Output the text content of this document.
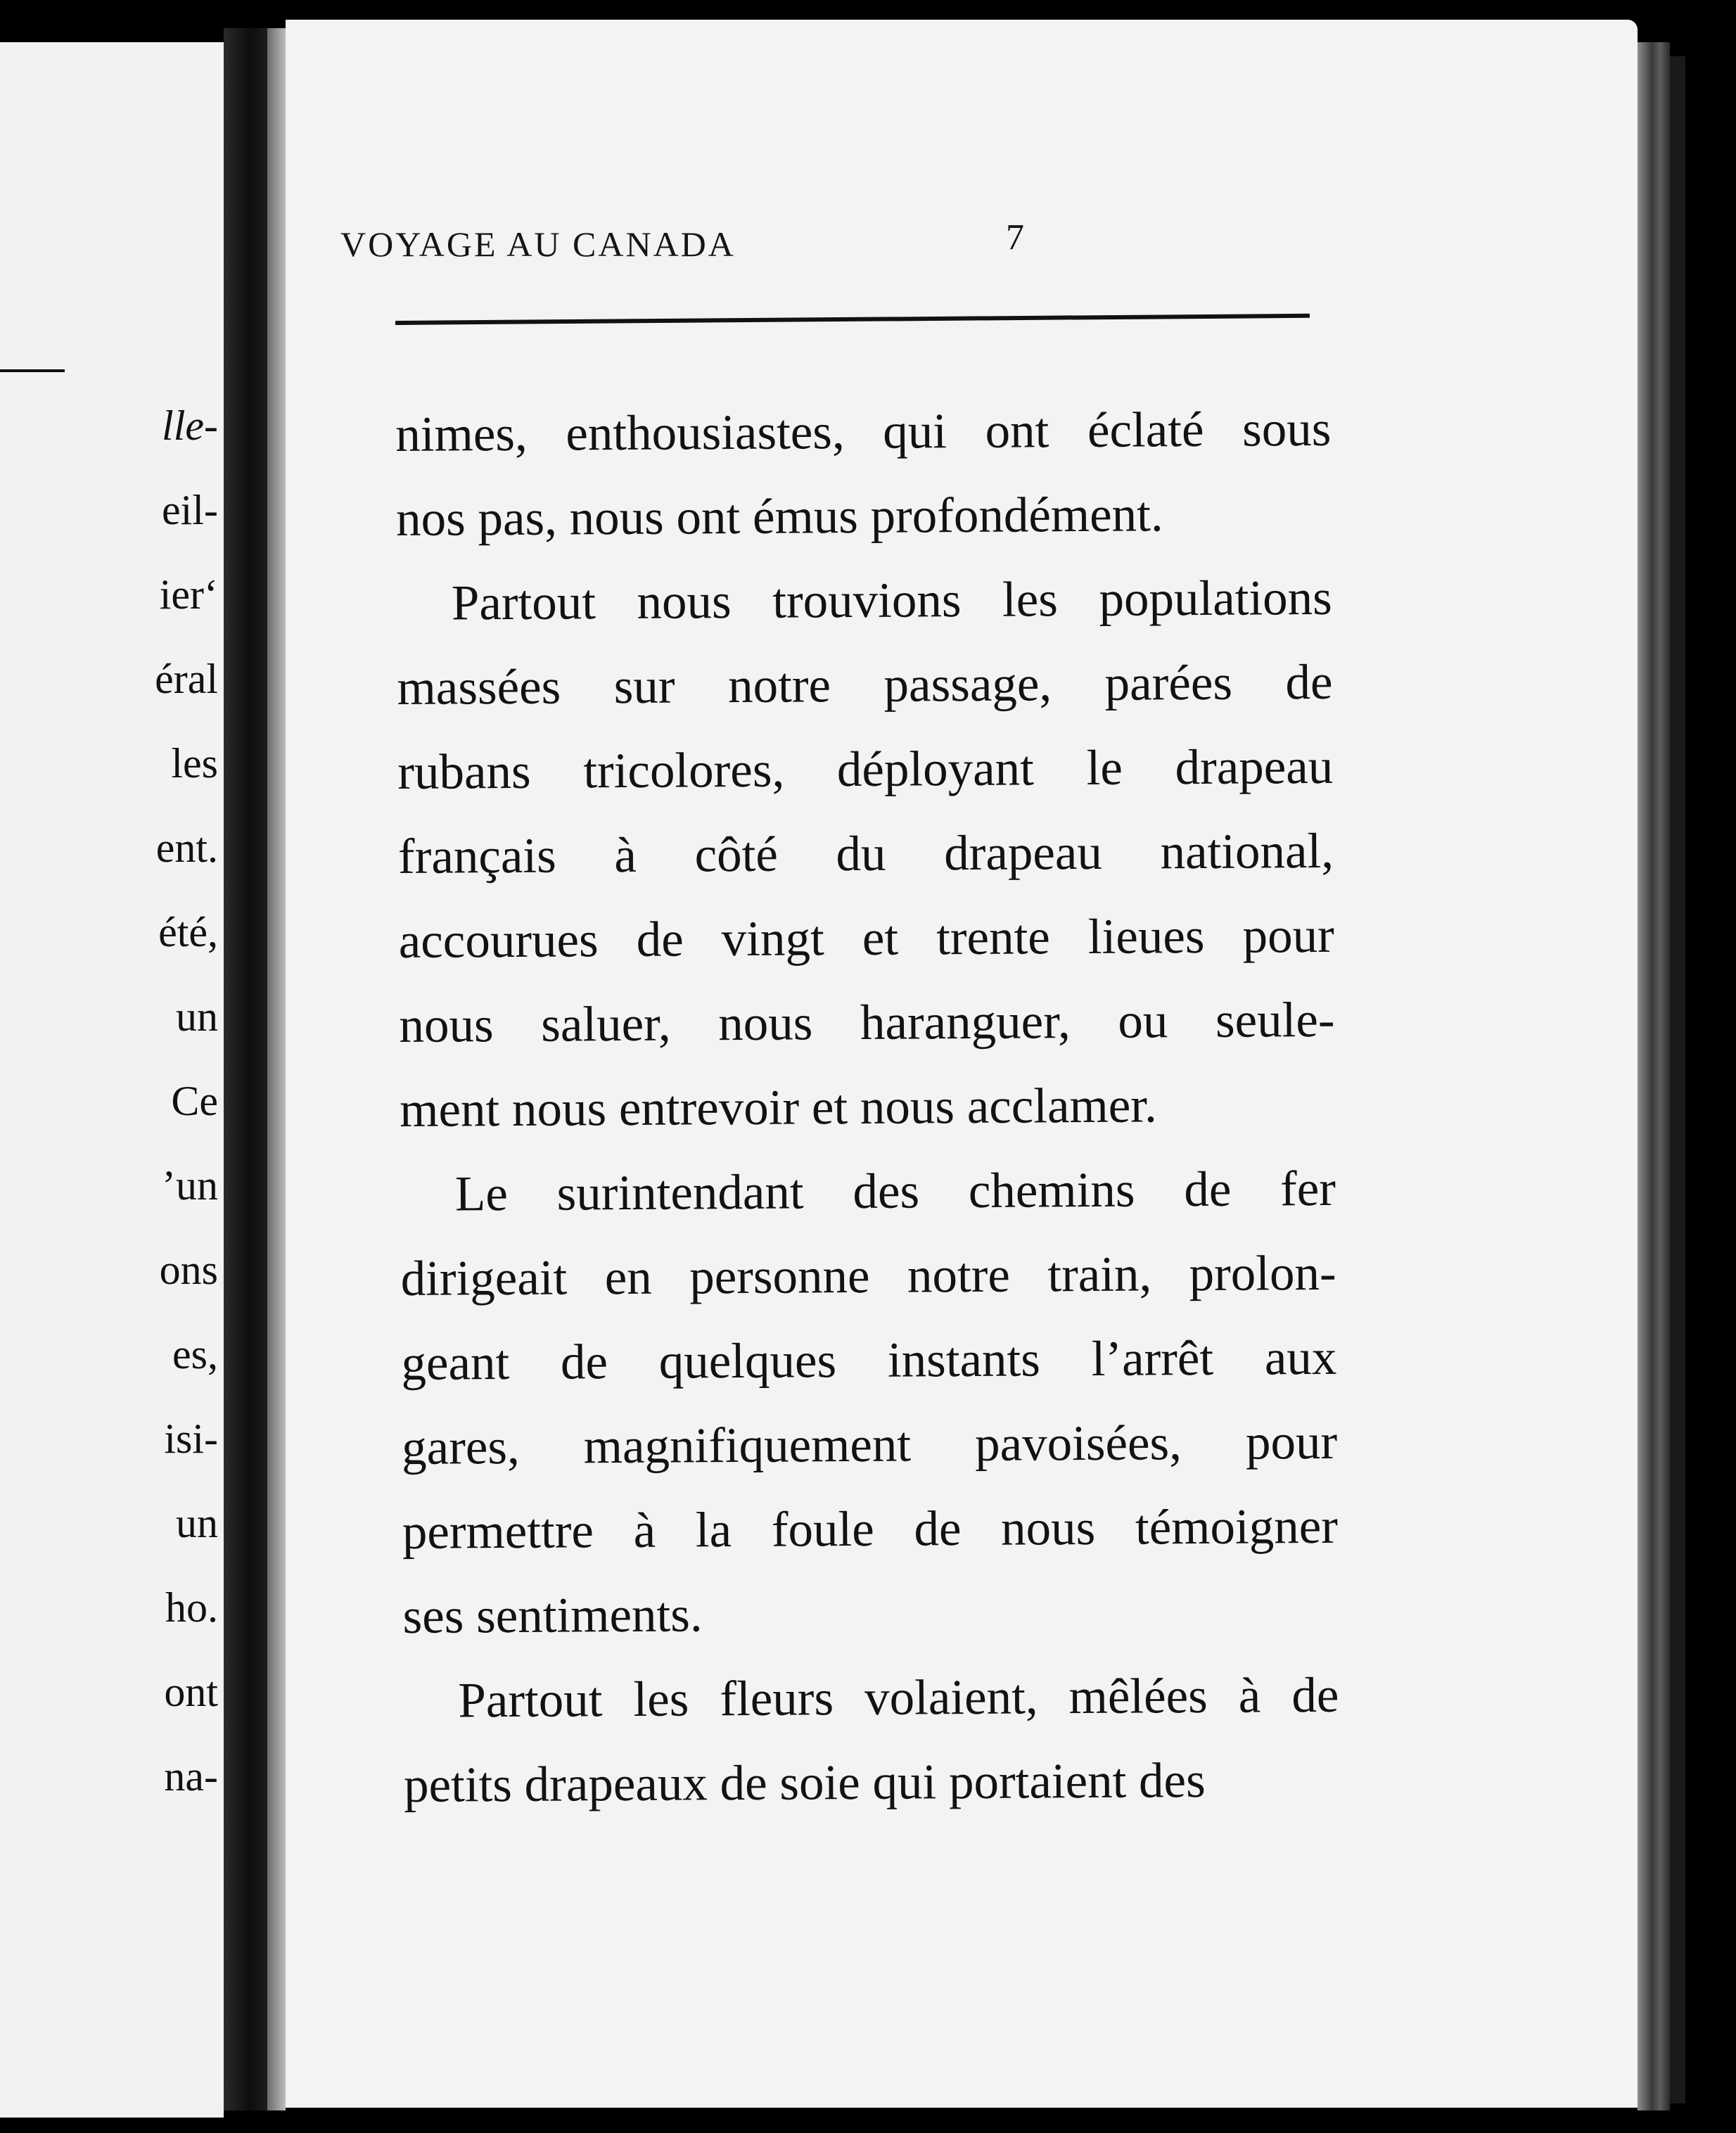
lle-
eil-
ier‘
éral
les
ent.
été,
un
Ce
’un
ons
es,
isi-
un
ho.
ont
na-
nimes, enthousiastes, qui ont éclaté sous
nos pas, nous ont émus profondément.
Partout nous trouvions les populations
massées sur notre passage, parées de
rubans tricolores, déployant le drapeau
français à côté du drapeau national,
accourues de vingt et trente lieues pour
nous saluer, nous haranguer, ou seule-
ment nous entrevoir et nous acclamer.
Le surintendant des chemins de fer
dirigeait en personne notre train, prolon-
geant de quelques instants l’arrêt aux
gares, magnifiquement pavoisées, pour
permettre à la foule de nous témoigner
ses sentiments.
Partout les fleurs volaient, mêlées à de
petits drapeaux de soie qui portaient des
VOYAGE AU CANADA	7
